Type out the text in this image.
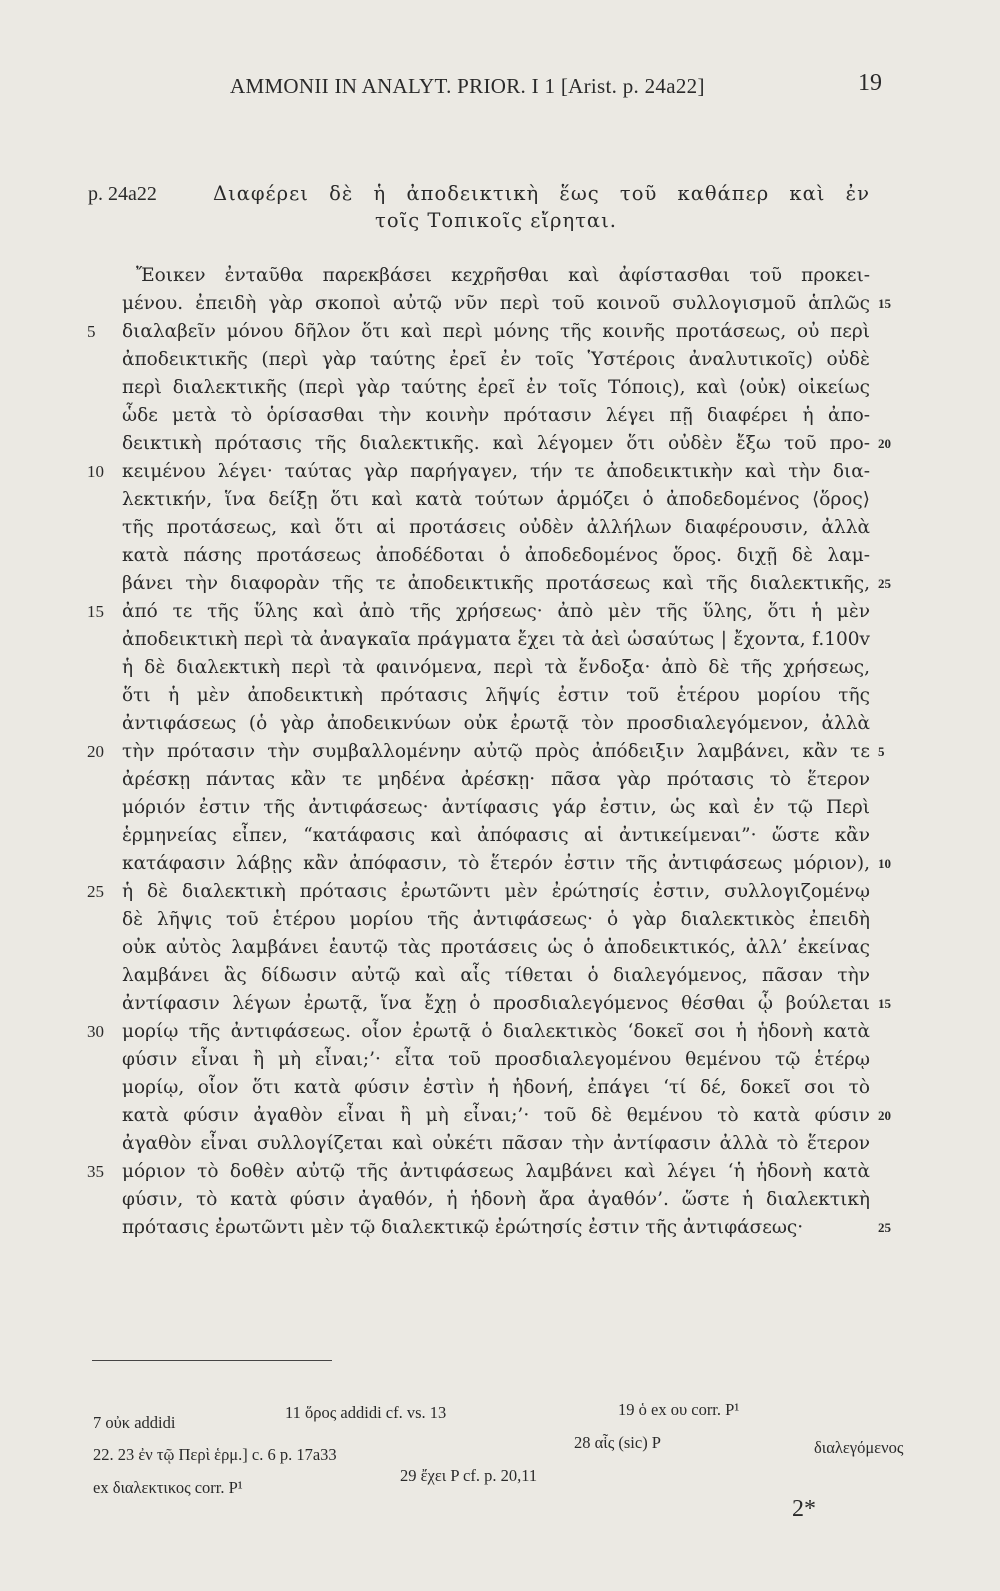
AMMONII IN ANALYT. PRIOR. I 1 [Arist. p. 24a22]	19
p. 24a22	Διαφέρει δὲ ἡ ἀποδεικτικὴ ἕως τοῦ καθάπερ καὶ ἐν
τοῖς Τοπικοῖς εἴρηται.
Ἔοικεν ἐνταῦθα παρεκβάσει κεχρῆσθαι καὶ ἀφίστασθαι τοῦ προκει-
μένου. ἐπειδὴ γὰρ σκοποὶ αὐτῷ νῦν περὶ τοῦ κοινοῦ συλλογισμοῦ ἁπλῶς
διαλαβεῖν μόνου δῆλον ὅτι καὶ περὶ μόνης τῆς κοινῆς προτάσεως, οὐ περὶ
ἀποδεικτικῆς (περὶ γὰρ ταύτης ἐρεῖ ἐν τοῖς Ὑστέροις ἀναλυτικοῖς) οὐδὲ
περὶ διαλεκτικῆς (περὶ γὰρ ταύτης ἐρεῖ ἐν τοῖς Τόποις), καὶ ⟨οὐκ⟩ οἰκείως
ὧδε μετὰ τὸ ὁρίσασθαι τὴν κοινὴν πρότασιν λέγει πῇ διαφέρει ἡ ἀπο-
δεικτικὴ πρότασις τῆς διαλεκτικῆς. καὶ λέγομεν ὅτι οὐδὲν ἔξω τοῦ προ-
κειμένου λέγει· ταύτας γὰρ παρήγαγεν, τήν τε ἀποδεικτικὴν καὶ τὴν δια-
λεκτικήν, ἵνα δείξῃ ὅτι καὶ κατὰ τούτων ἁρμόζει ὁ ἀποδεδομένος ⟨ὅρος⟩
τῆς προτάσεως, καὶ ὅτι αἱ προτάσεις οὐδὲν ἀλλήλων διαφέρουσιν, ἀλλὰ
κατὰ πάσης προτάσεως ἀποδέδοται ὁ ἀποδεδομένος ὅρος. διχῇ δὲ λαμ-
βάνει τὴν διαφορὰν τῆς τε ἀποδεικτικῆς προτάσεως καὶ τῆς διαλεκτικῆς,
ἀπό τε τῆς ὕλης καὶ ἀπὸ τῆς χρήσεως· ἀπὸ μὲν τῆς ὕλης, ὅτι ἡ μὲν
ἀποδεικτικὴ περὶ τὰ ἀναγκαῖα πράγματα ἔχει τὰ ἀεὶ ὡσαύτως | ἔχοντα, f.100v
ἡ δὲ διαλεκτικὴ περὶ τὰ φαινόμενα, περὶ τὰ ἔνδοξα· ἀπὸ δὲ τῆς χρήσεως,
ὅτι ἡ μὲν ἀποδεικτικὴ πρότασις λῆψίς ἐστιν τοῦ ἑτέρου μορίου τῆς
ἀντιφάσεως (ὁ γὰρ ἀποδεικνύων οὐκ ἐρωτᾷ τὸν προσδιαλεγόμενον, ἀλλὰ
τὴν πρότασιν τὴν συμβαλλομένην αὐτῷ πρὸς ἀπόδειξιν λαμβάνει, κἂν τε
ἀρέσκῃ πάντας κἂν τε μηδένα ἀρέσκῃ· πᾶσα γὰρ πρότασις τὸ ἕτερον
μόριόν ἐστιν τῆς ἀντιφάσεως· ἀντίφασις γάρ ἐστιν, ὡς καὶ ἐν τῷ Περὶ
ἑρμηνείας εἶπεν, “κατάφασις καὶ ἀπόφασις αἱ ἀντικείμεναι”· ὥστε κἂν
κατάφασιν λάβῃς κἂν ἀπόφασιν, τὸ ἕτερόν ἐστιν τῆς ἀντιφάσεως μόριον),
ἡ δὲ διαλεκτικὴ πρότασις ἐρωτῶντι μὲν ἐρώτησίς ἐστιν, συλλογιζομένῳ
δὲ λῆψις τοῦ ἑτέρου μορίου τῆς ἀντιφάσεως· ὁ γὰρ διαλεκτικὸς ἐπειδὴ
οὐκ αὐτὸς λαμβάνει ἑαυτῷ τὰς προτάσεις ὡς ὁ ἀποδεικτικός, ἀλλ’ ἐκείνας
λαμβάνει ἃς δίδωσιν αὐτῷ καὶ αἷς τίθεται ὁ διαλεγόμενος, πᾶσαν τὴν
ἀντίφασιν λέγων ἐρωτᾷ, ἵνα ἔχῃ ὁ προσδιαλεγόμενος θέσθαι ᾧ βούλεται
μορίῳ τῆς ἀντιφάσεως. οἷον ἐρωτᾷ ὁ διαλεκτικὸς ‘δοκεῖ σοι ἡ ἡδονὴ κατὰ
φύσιν εἶναι ἢ μὴ εἶναι;’· εἶτα τοῦ προσδιαλεγομένου θεμένου τῷ ἑτέρῳ
μορίῳ, οἷον ὅτι κατὰ φύσιν ἐστὶν ἡ ἡδονή, ἐπάγει ‘τί δέ, δοκεῖ σοι τὸ
κατὰ φύσιν ἀγαθὸν εἶναι ἢ μὴ εἶναι;’· τοῦ δὲ θεμένου τὸ κατὰ φύσιν
ἀγαθὸν εἶναι συλλογίζεται καὶ οὐκέτι πᾶσαν τὴν ἀντίφασιν ἀλλὰ τὸ ἕτερον
μόριον τὸ δοθὲν αὐτῷ τῆς ἀντιφάσεως λαμβάνει καὶ λέγει ‘ἡ ἡδονὴ κατὰ
φύσιν, τὸ κατὰ φύσιν ἀγαθόν, ἡ ἡδονὴ ἄρα ἀγαθόν’. ὥστε ἡ διαλεκτικὴ
πρότασις ἐρωτῶντι μὲν τῷ διαλεκτικῷ ἐρώτησίς ἐστιν τῆς ἀντιφάσεως·
5
10
15
20
25
30
35
15
20
25
5
10
15
20
25
7 οὐκ addidi
11 ὅρος addidi cf. vs. 13	19 ὁ ex ου corr. P¹
22. 23 ἐν τῷ Περὶ ἑρμ.] c. 6 p. 17a33
28 αἷς (sic) P	διαλεγόμενος
ex διαλεκτικος corr. P¹
29 ἔχει P cf. p. 20,11
2*
